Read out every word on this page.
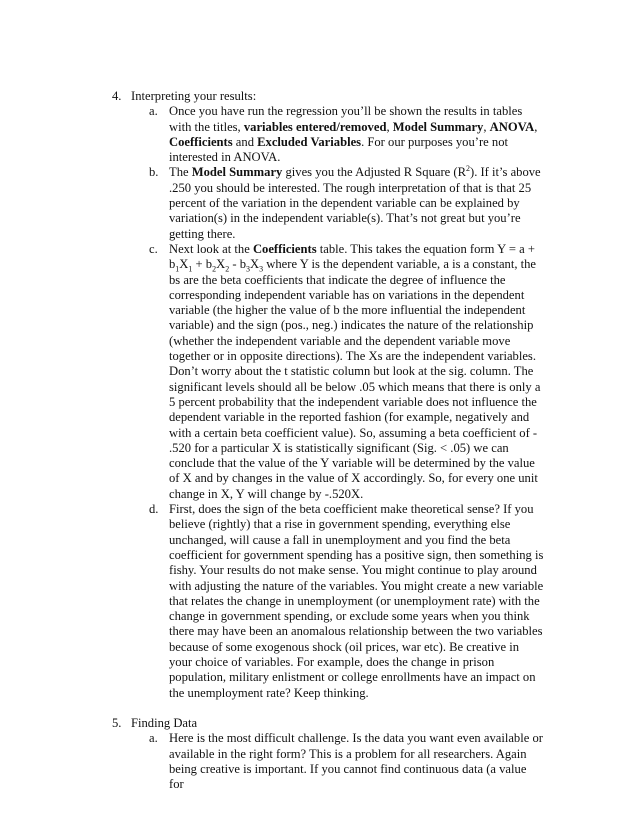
4. Interpreting your results:
a. Once you have run the regression you’ll be shown the results in tables with the titles, variables entered/removed, Model Summary, ANOVA, Coefficients and Excluded Variables. For our purposes you’re not interested in ANOVA.
b. The Model Summary gives you the Adjusted R Square $(R^2)$. If it’s above .250 you should be interested. The rough interpretation of that is that 25 percent of the variation in the dependent variable can be explained by variation(s) in the independent variable(s). That’s not great but you’re getting there.
c. Next look at the Coefficients table. This takes the equation form $Y = a + b_1X_1 + b_2X_2 - b_3X_3$ where Y is the dependent variable, a is a constant, the bs are the beta coefficients that indicate the degree of influence the corresponding independent variable has on variations in the dependent variable (the higher the value of b the more influential the independent variable) and the sign (pos., neg.) indicates the nature of the relationship (whether the independent variable and the dependent variable move together or in opposite directions). The Xs are the independent variables. Don’t worry about the t statistic column but look at the sig. column. The significant levels should all be below .05 which means that there is only a 5 percent probability that the independent variable does not influence the dependent variable in the reported fashion (for example, negatively and with a certain beta coefficient value). So, assuming a beta coefficient of - .520 for a particular X is statistically significant (Sig. < .05) we can conclude that the value of the Y variable will be determined by the value of X and by changes in the value of X accordingly. So, for every one unit change in X, Y will change by -.520X.
d. First, does the sign of the beta coefficient make theoretical sense? If you believe (rightly) that a rise in government spending, everything else unchanged, will cause a fall in unemployment and you find the beta coefficient for government spending has a positive sign, then something is fishy. Your results do not make sense. You might continue to play around with adjusting the nature of the variables. You might create a new variable that relates the change in unemployment (or unemployment rate) with the change in government spending, or exclude some years when you think there may have been an anomalous relationship between the two variables because of some exogenous shock (oil prices, war etc). Be creative in your choice of variables. For example, does the change in prison population, military enlistment or college enrollments have an impact on the unemployment rate? Keep thinking.
5. Finding Data
a. Here is the most difficult challenge. Is the data you want even available or available in the right form? This is a problem for all researchers. Again being creative is important. If you cannot find continuous data (a value for
